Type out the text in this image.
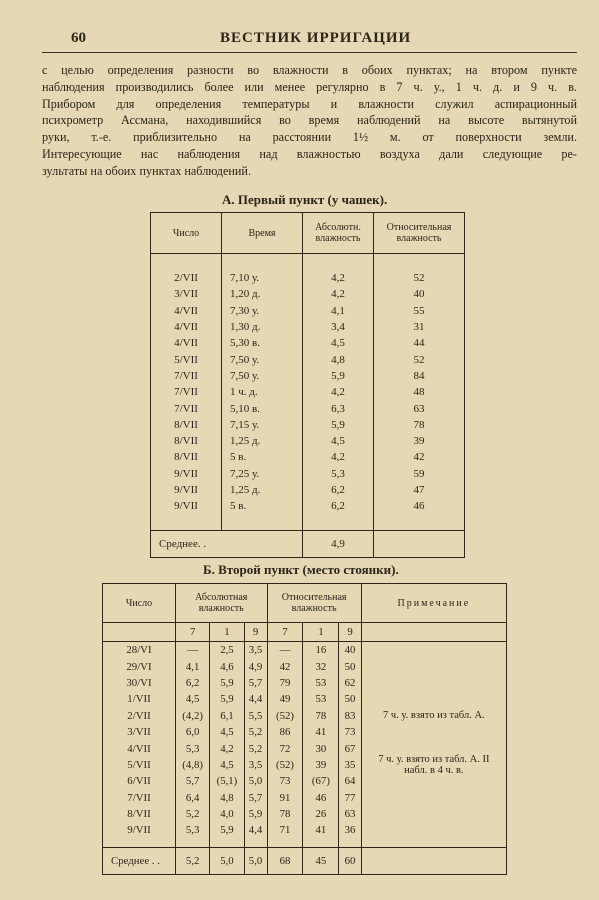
60	ВЕСТНИК ИРРИГАЦИИ
с целью определения разности во влажности в обоих пунктах; на втором пункте
наблюдения производились более или менее регулярно в 7 ч. у., 1 ч. д. и 9 ч. в.
Прибором для определения температуры и влажности служил аспирационный
психрометр Ассмана, находившийся во время наблюдений на высоте вытянутой
руки, т.-е. приблизительно на расстоянии 1½ м. от поверхности земли.
Интересующие нас наблюдения над влажностью воздуха дали следующие ре-
зультаты на обоих пунктах наблюдений.
А. Первый пункт (у чашек).
Число	Время	Абсолютн. влажность	Относительная влажность

2/VII	7,10 у.	4,2	52
3/VII	1,20 д.	4,2	40
4/VII	7,30 у.	4,1	55
4/VII	1,30 д.	3,4	31
4/VII	5,30 в.	4,5	44
5/VII	7,50 у.	4,8	52
7/VII	7,50 у.	5,9	84
7/VII	1 ч. д.	4,2	48
7/VII	5,10 в.	6,3	63
8/VII	7,15 у.	5,9	78
8/VII	1,25 д.	4,5	39
8/VII	5 в.	4,2	42
9/VII	7,25 у.	5,3	59
9/VII	1,25 д.	6,2	47
9/VII	5 в.	6,2	46

Среднее. .		4,9	
Б. Второй пункт (место стоянки).
Число	Абсолютная влажность			Относительная влажность			Примечание
	7	1	9	7	1	9	
28/VI	—	2,5	3,5	—	16	40	
29/VI	4,1	4,6	4,9	42	32	50	
30/VI	6,2	5,9	5,7	79	53	62	
1/VII	4,5	5,9	4,4	49	53	50	7 ч. у. взято из табл. А.
2/VII	(4,2)	6,1	5,5	(52)	78	83	
3/VII	6,0	4,5	5,2	86	41	73	
4/VII	5,3	4,2	5,2	72	30	67	7 ч. у. взято из табл. А. II набл. в 4 ч. в.
5/VII	(4,8)	4,5	3,5	(52)	39	35	
6/VII	5,7	(5,1)	5,0	73	(67)	64	
7/VII	6,4	4,8	5,7	91	46	77	
8/VII	5,2	4,0	5,9	78	26	63	
9/VII	5,3	5,9	4,4	71	41	36	

Среднее . .	5,2	5,0	5,0	68	45	60	
